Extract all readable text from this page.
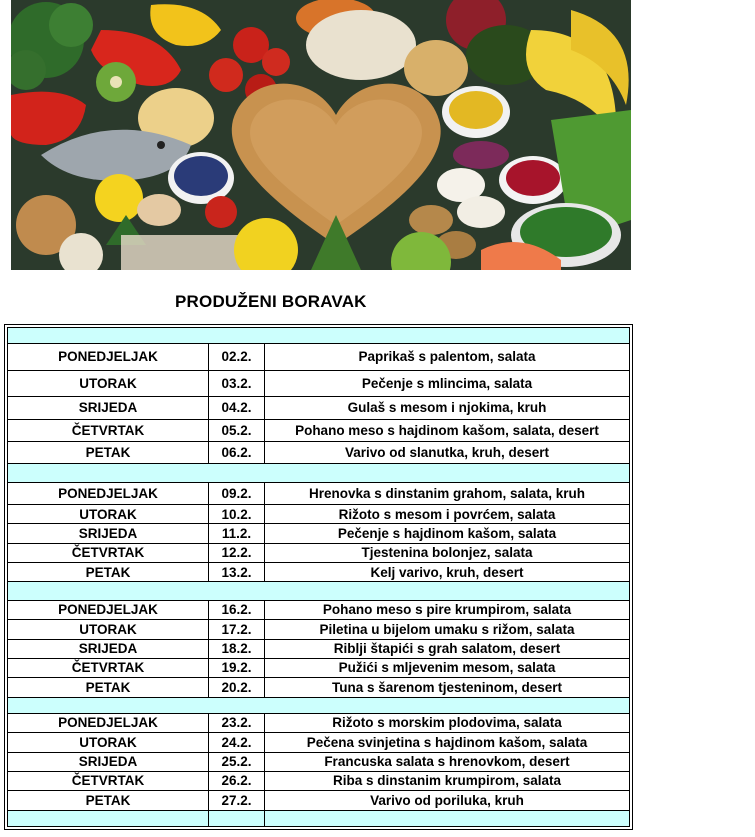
PRODUŽENI BORAVAK

PONEDJELJAK	02.2.	Paprikaš s palentom, salata
UTORAK	03.2.	Pečenje s mlincima, salata
SRIJEDA	04.2.	Gulaš s mesom i njokima, kruh
ČETVRTAK	05.2.	Pohano meso s hajdinom kašom, salata, desert
PETAK	06.2.	Varivo od slanutka, kruh, desert

PONEDJELJAK	09.2.	Hrenovka s dinstanim grahom, salata, kruh
UTORAK	10.2.	Rižoto s mesom i povrćem, salata
SRIJEDA	11.2.	Pečenje s hajdinom kašom, salata
ČETVRTAK	12.2.	Tjestenina bolonjez, salata
PETAK	13.2.	Kelj varivo, kruh, desert

PONEDJELJAK	16.2.	Pohano meso s pire krumpirom, salata
UTORAK	17.2.	Piletina u bijelom umaku s rižom, salata
SRIJEDA	18.2.	Riblji štapići s grah salatom, desert
ČETVRTAK	19.2.	Pužići s mljevenim mesom, salata
PETAK	20.2.	Tuna s šarenom tjesteninom, desert

PONEDJELJAK	23.2.	Rižoto s morskim plodovima, salata
UTORAK	24.2.	Pečena svinjetina s hajdinom kašom, salata
SRIJEDA	25.2.	Francuska salata s hrenovkom, desert
ČETVRTAK	26.2.	Riba s dinstanim krumpirom, salata
PETAK	27.2.	Varivo od poriluka, kruh
